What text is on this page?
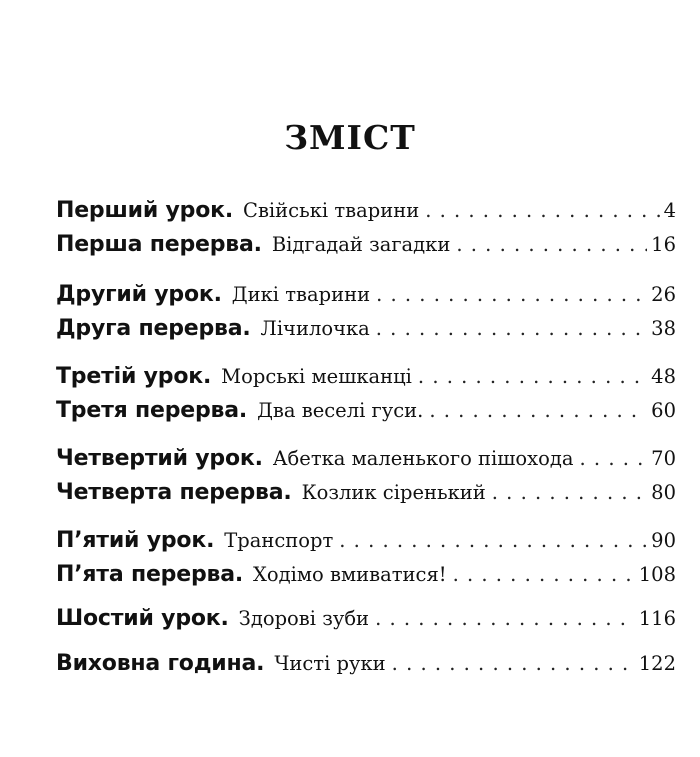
ЗМІСТ
Перший урок. Свійські тварини . . .	4
Перша перерва. Відгадай загадки . . .	16
Другий урок. Дикі тварини . . .	26
Друга перерва. Лічилочка . . .	38
Третій урок. Морські мешканці . . .	48
Третя перерва. Два веселі гуси. . . .	60
Четвертий урок. Абетка маленького пішохода . . .	70
Четверта перерва. Козлик сіренький . . .	80
П’ятий урок. Транспорт . . .	90
П’ята перерва. Ходімо вмиватися! . . .	108
Шостий урок. Здорові зуби . . .	116
Виховна година. Чисті руки . . .	122
